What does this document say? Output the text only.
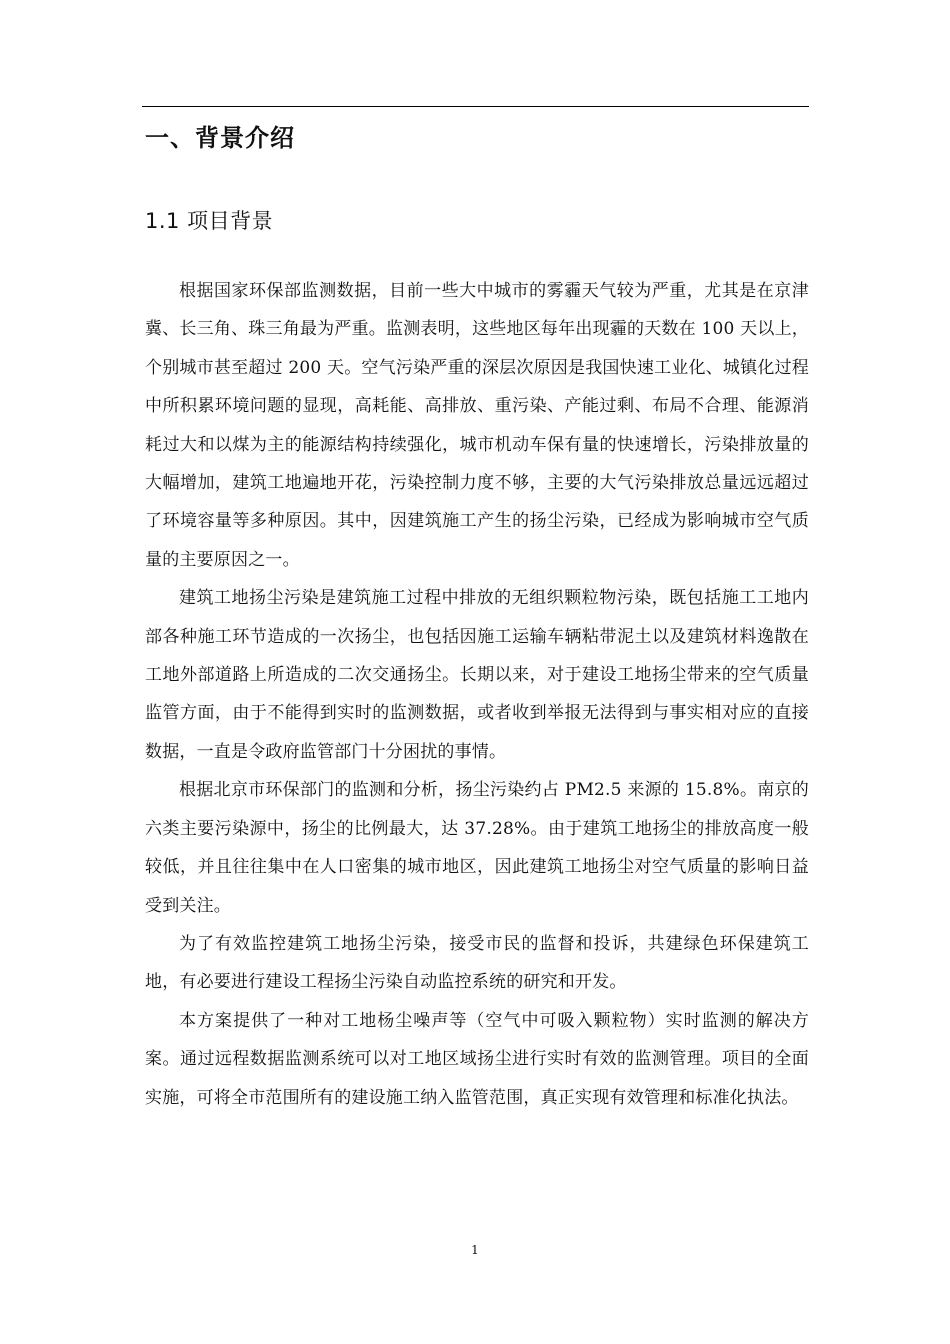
一、背景介绍
1.1 项目背景

根据国家环保部监测数据，目前一些大中城市的雾霾天气较为严重，尤其是在京津冀、长三角、珠三角最为严重。监测表明，这些地区每年出现霾的天数在 100 天以上，个别城市甚至超过 200 天。空气污染严重的深层次原因是我国快速工业化、城镇化过程中所积累环境问题的显现，高耗能、高排放、重污染、产能过剩、布局不合理、能源消耗过大和以煤为主的能源结构持续强化，城市机动车保有量的快速增长，污染排放量的大幅增加，建筑工地遍地开花，污染控制力度不够，主要的大气污染排放总量远远超过了环境容量等多种原因。其中，因建筑施工产生的扬尘污染，已经成为影响城市空气质量的主要原因之一。

建筑工地扬尘污染是建筑施工过程中排放的无组织颗粒物污染，既包括施工工地内部各种施工环节造成的一次扬尘，也包括因施工运输车辆粘带泥土以及建筑材料逸散在工地外部道路上所造成的二次交通扬尘。长期以来，对于建设工地扬尘带来的空气质量监管方面，由于不能得到实时的监测数据，或者收到举报无法得到与事实相对应的直接数据，一直是令政府监管部门十分困扰的事情。

根据北京市环保部门的监测和分析，扬尘污染约占 PM2.5 来源的 15.8%。南京的六类主要污染源中，扬尘的比例最大，达 37.28%。由于建筑工地扬尘的排放高度一般较低，并且往往集中在人口密集的城市地区，因此建筑工地扬尘对空气质量的影响日益受到关注。

为了有效监控建筑工地扬尘污染，接受市民的监督和投诉，共建绿色环保建筑工地，有必要进行建设工程扬尘污染自动监控系统的研究和开发。

本方案提供了一种对工地杨尘噪声等（空气中可吸入颗粒物）实时监测的解决方案。通过远程数据监测系统可以对工地区域扬尘进行实时有效的监测管理。项目的全面实施，可将全市范围所有的建设施工纳入监管范围，真正实现有效管理和标准化执法。

1
